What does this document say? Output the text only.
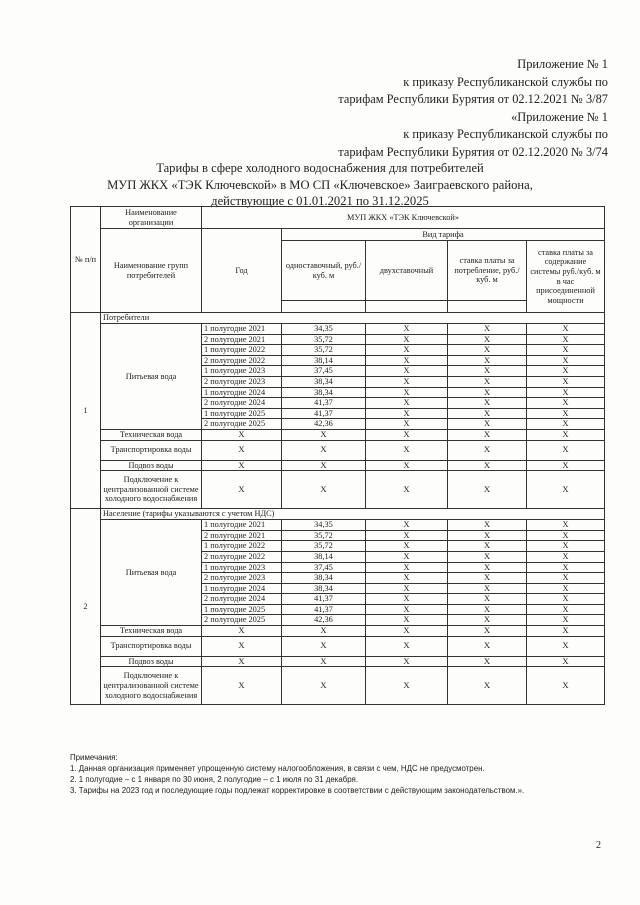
Приложение № 1
к приказу Республиканской службы по
тарифам Республики Бурятия от 02.12.2021 № 3/87
«Приложение № 1
к приказу Республиканской службы по
тарифам Республики Бурятия от 02.12.2020 № 3/74
Тарифы в сфере холодного водоснабжения для потребителей
МУП ЖКХ «ТЭК Ключевской» в МО СП «Ключевское» Заиграевского района,
действующие с 01.01.2021 по 31.12.2025
№ п/п	Наименование организации	МУП ЖКХ «ТЭК Ключевской»				
	Наименование групп потребителей	Год	Вид тарифа			
			одноставочный, руб./ куб. м	двухставочный	ставка платы за потребление, руб./ куб. м	ставка платы за содержание системы руб./куб. м в час присоединенной мощности

1	Потребители					
	Питьевая вода	1 полугодие 2021	34,35	X	X	X
		2 полугодие 2021	35,72	X	X	X
		1 полугодие 2022	35,72	X	X	X
		2 полугодие 2022	38,14	X	X	X
		1 полугодие 2023	37,45	X	X	X
		2 полугодие 2023	38,34	X	X	X
		1 полугодие 2024	38,34	X	X	X
		2 полугодие 2024	41,37	X	X	X
		1 полугодие 2025	41,37	X	X	X
		2 полугодие 2025	42,36	X	X	X
	Техническая вода	X	X	X	X	X
	Транспортировка воды	X	X	X	X	X
	Подвоз воды	X	X	X	X	X
	Подключение к централизованной системе холодного водоснабжения	X	X	X	X	X
2	Население (тарифы указываются с учетом НДС)					
	Питьевая вода	1 полугодие 2021	34,35	X	X	X
		2 полугодие 2021	35,72	X	X	X
		1 полугодие 2022	35,72	X	X	X
		2 полугодие 2022	38,14	X	X	X
		1 полугодие 2023	37,45	X	X	X
		2 полугодие 2023	38,34	X	X	X
		1 полугодие 2024	38,34	X	X	X
		2 полугодие 2024	41,37	X	X	X
		1 полугодие 2025	41,37	X	X	X
		2 полугодие 2025	42,36	X	X	X
	Техническая вода	X	X	X	X	X
	Транспортировка воды	X	X	X	X	X
	Подвоз воды	X	X	X	X	X
	Подключение к централизованной системе холодного водоснабжения	X	X	X	X	X
Примечания:
1. Данная организация применяет упрощенную систему налогообложения, в связи с чем, НДС не предусмотрен.
2. 1 полугодие – с 1 января по 30 июня, 2 полугодие – с 1 июля по 31 декабря.
3. Тарифы на 2023 год и последующие годы подлежат корректировке в соответствии с действующим законодательством.».
2
